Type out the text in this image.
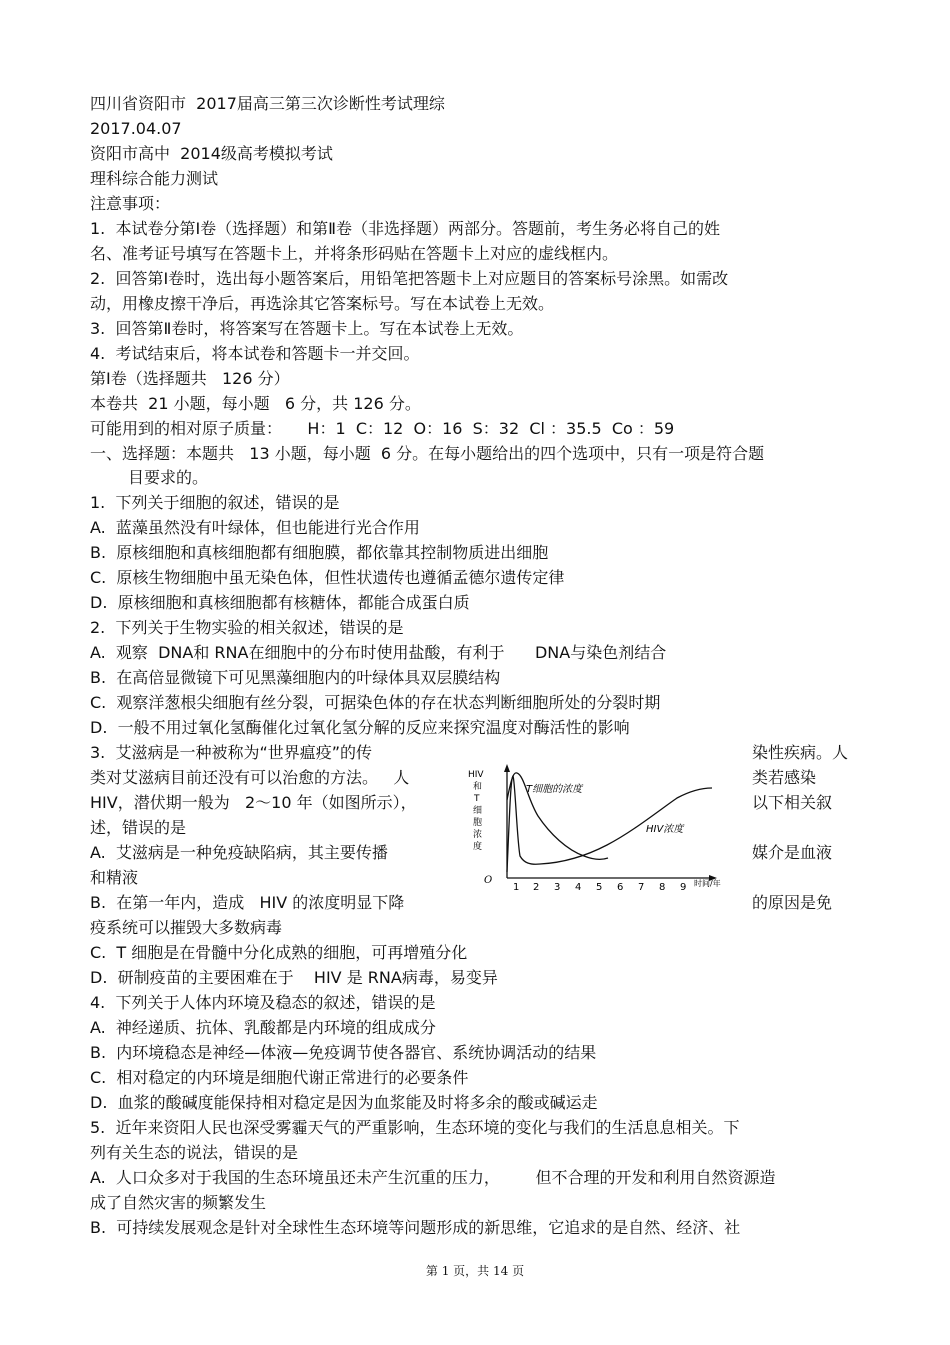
四川省资阳市  2017届高三第三次诊断性考试理综
2017.04.07
资阳市高中  2014级高考模拟考试
理科综合能力测试
注意事项：
1.  本试卷分第Ⅰ卷（选择题）和第Ⅱ卷（非选择题）两部分。答题前，考生务必将自己的姓
名、准考证号填写在答题卡上，并将条形码贴在答题卡上对应的虚线框内。
2.  回答第Ⅰ卷时，选出每小题答案后，用铅笔把答题卡上对应题目的答案标号涂黑。如需改
动，用橡皮擦干净后，再选涂其它答案标号。写在本试卷上无效。
3.  回答第Ⅱ卷时，将答案写在答题卡上。写在本试卷上无效。
4.  考试结束后，将本试卷和答题卡一并交回。
第Ⅰ卷（选择题共   126 分）
本卷共  21 小题，每小题   6 分，共 126 分。
可能用到的相对原子质量：     H：1  C：12  O：16  S：32  Cl ：35.5  Co ：59
一、选择题：本题共   13 小题，每小题  6 分。在每小题给出的四个选项中，只有一项是符合题
目要求的。
1.  下列关于细胞的叙述，错误的是
A.  蓝藻虽然没有叶绿体，但也能进行光合作用
B.  原核细胞和真核细胞都有细胞膜，都依靠其控制物质进出细胞
C.  原核生物细胞中虽无染色体，但性状遗传也遵循孟德尔遗传定律
D.  原核细胞和真核细胞都有核糖体，都能合成蛋白质
2.  下列关于生物实验的相关叙述，错误的是
A.  观察  DNA和 RNA在细胞中的分布时使用盐酸，有利于      DNA与染色剂结合
B.  在高倍显微镜下可见黑藻细胞内的叶绿体具双层膜结构
C.  观察洋葱根尖细胞有丝分裂，可据染色体的存在状态判断细胞所处的分裂时期
D.  一般不用过氧化氢酶催化过氧化氢分解的反应来探究温度对酶活性的影响
3.  艾滋病是一种被称为“世界瘟疫”的传	染性疾病。人
类对艾滋病目前还没有可以治愈的方法。   人	类若感染
HIV，潜伏期一般为   2～10 年（如图所示），	以下相关叙
述，错误的是
A.  艾滋病是一种免疫缺陷病，其主要传播	媒介是血液
和精液
B.  在第一年内，造成   HIV 的浓度明显下降	的原因是免
疫系统可以摧毁大多数病毒
C.  T 细胞是在骨髓中分化成熟的细胞，可再增殖分化
D.  研制疫苗的主要困难在于    HIV 是 RNA病毒，易变异
O
HIV
和
T
细
胞
浓
度
1 2 3 4 5 6 7 8 9 时间/年
T细胞的浓度
HIV浓度
4.  下列关于人体内环境及稳态的叙述，错误的是
A.  神经递质、抗体、乳酸都是内环境的组成成分
B.  内环境稳态是神经—体液—免疫调节使各器官、系统协调活动的结果
C.  相对稳定的内环境是细胞代谢正常进行的必要条件
D.  血浆的酸碱度能保持相对稳定是因为血浆能及时将多余的酸或碱运走
5.  近年来资阳人民也深受雾霾天气的严重影响，生态环境的变化与我们的生活息息相关。下
列有关生态的说法，错误的是
A.  人口众多对于我国的生态环境虽还未产生沉重的压力，       但不合理的开发和利用自然资源造
成了自然灾害的频繁发生
B.  可持续发展观念是针对全球性生态环境等问题形成的新思维，它追求的是自然、经济、社
第 1 页，共 14 页
